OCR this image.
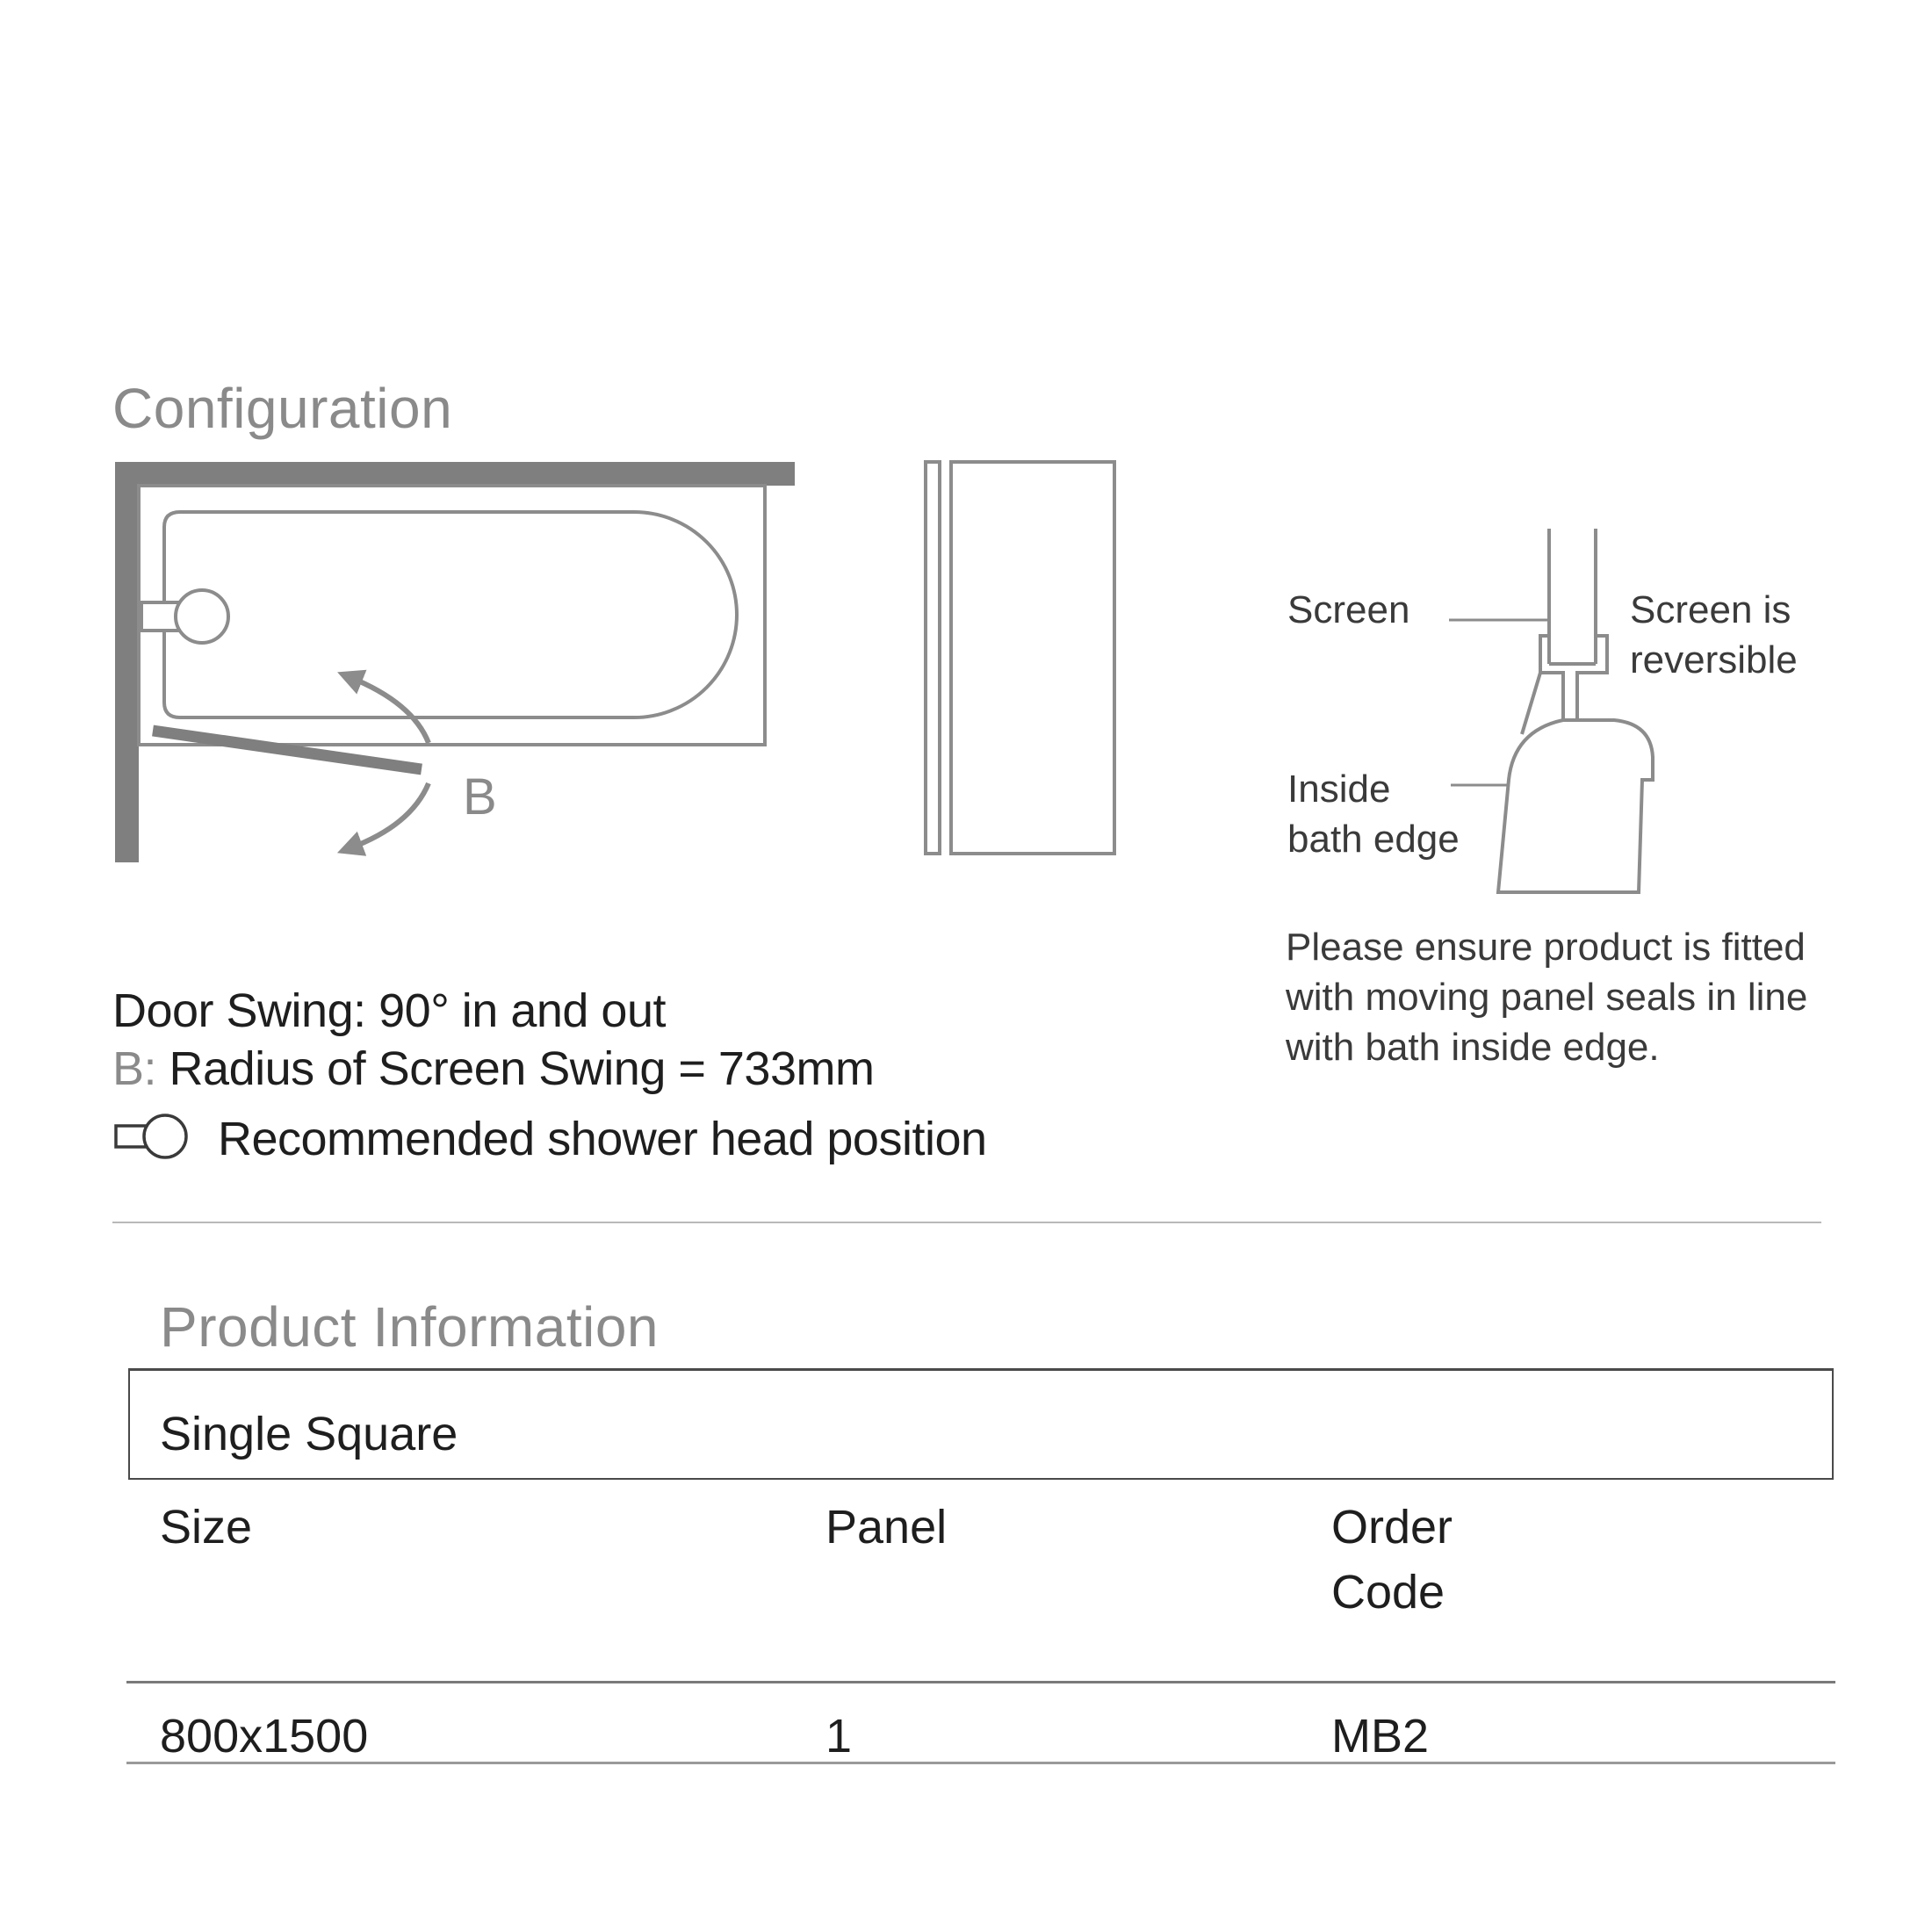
Configuration
B
Door Swing: 90° in and out
B: Radius of Screen Swing = 733mm
Recommended shower head position
Screen	Screen is
reversible
Inside
bath edge
Please ensure product is fitted
with moving panel seals in line
with bath inside edge.
Product Information
Single Square
Size	Panel	Order
Code
800x1500	1	MB2
